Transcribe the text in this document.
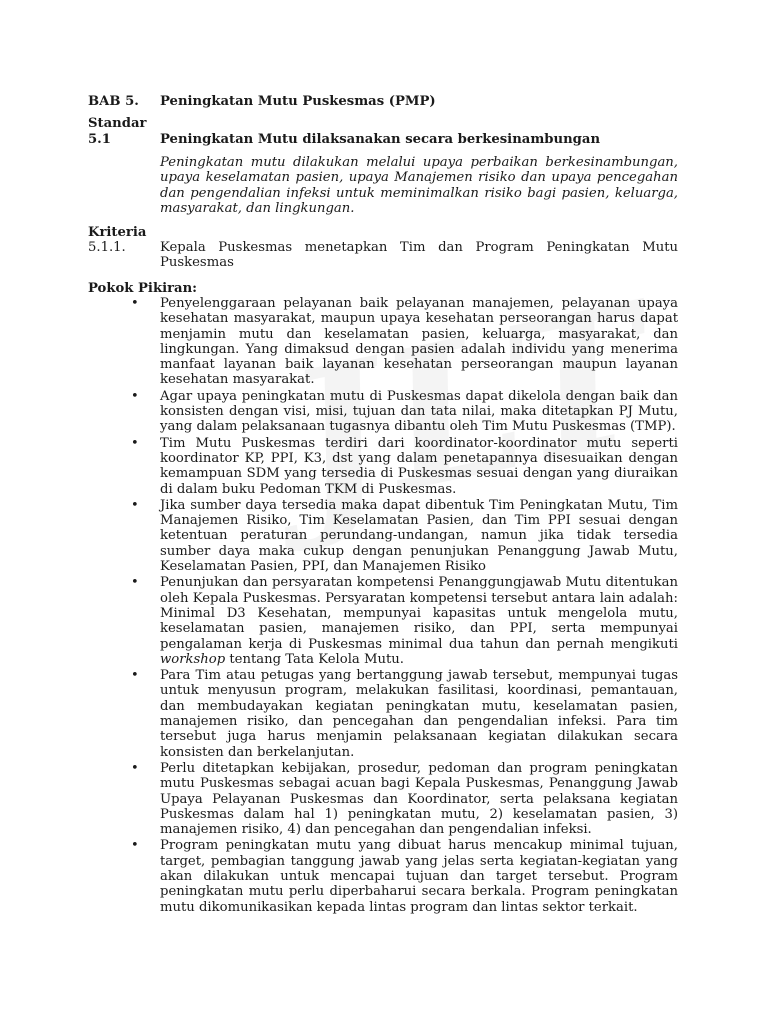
BAB 5. Peningkatan Mutu Puskesmas (PMP)
Standar
5.1	Peningkatan Mutu dilaksanakan secara berkesinambungan
Peningkatan mutu dilakukan melalui upaya perbaikan berkesinambungan, upaya keselamatan pasien, upaya Manajemen risiko dan upaya pencegahan dan pengendalian infeksi untuk meminimalkan risiko bagi pasien, keluarga, masyarakat, dan lingkungan.
Kriteria
5.1.1.	Kepala Puskesmas menetapkan Tim dan Program Peningkatan Mutu Puskesmas
Pokok Pikiran:
• Penyelenggaraan pelayanan baik pelayanan manajemen, pelayanan upaya kesehatan masyarakat, maupun upaya kesehatan perseorangan harus dapat menjamin mutu dan keselamatan pasien, keluarga, masyarakat, dan lingkungan. Yang dimaksud dengan pasien adalah individu yang menerima manfaat layanan baik layanan kesehatan perseorangan maupun layanan kesehatan masyarakat.
• Agar upaya peningkatan mutu di Puskesmas dapat dikelola dengan baik dan konsisten dengan visi, misi, tujuan dan tata nilai, maka ditetapkan PJ Mutu, yang dalam pelaksanaan tugasnya dibantu oleh Tim Mutu Puskesmas (TMP).
• Tim Mutu Puskesmas terdiri dari koordinator-koordinator mutu seperti koordinator KP, PPI, K3, dst yang dalam penetapannya disesuaikan dengan kemampuan SDM yang tersedia di Puskesmas sesuai dengan yang diuraikan di dalam buku Pedoman TKM di Puskesmas.
• Jika sumber daya tersedia maka dapat dibentuk Tim Peningkatan Mutu, Tim Manajemen Risiko, Tim Keselamatan Pasien, dan Tim PPI sesuai dengan ketentuan peraturan perundang-undangan, namun jika tidak tersedia sumber daya maka cukup dengan penunjukan Penanggung Jawab Mutu, Keselamatan Pasien, PPI, dan Manajemen Risiko
• Penunjukan dan persyaratan kompetensi Penanggungjawab Mutu ditentukan oleh Kepala Puskesmas. Persyaratan kompetensi tersebut antara lain adalah: Minimal D3 Kesehatan, mempunyai kapasitas untuk mengelola mutu, keselamatan pasien, manajemen risiko, dan PPI, serta mempunyai pengalaman kerja di Puskesmas minimal dua tahun dan pernah mengikuti workshop tentang Tata Kelola Mutu.
• Para Tim atau petugas yang bertanggung jawab tersebut, mempunyai tugas untuk menyusun program, melakukan fasilitasi, koordinasi, pemantauan, dan membudayakan kegiatan peningkatan mutu, keselamatan pasien, manajemen risiko, dan pencegahan dan pengendalian infeksi. Para tim tersebut juga harus menjamin pelaksanaan kegiatan dilakukan secara konsisten dan berkelanjutan.
• Perlu ditetapkan kebijakan, prosedur, pedoman dan program peningkatan mutu Puskesmas sebagai acuan bagi Kepala Puskesmas, Penanggung Jawab Upaya Pelayanan Puskesmas dan Koordinator, serta pelaksana kegiatan Puskesmas dalam hal 1) peningkatan mutu, 2) keselamatan pasien, 3) manajemen risiko, 4) dan pencegahan dan pengendalian infeksi.
• Program peningkatan mutu yang dibuat harus mencakup minimal tujuan, target, pembagian tanggung jawab yang jelas serta kegiatan-kegiatan yang akan dilakukan untuk mencapai tujuan dan target tersebut. Program peningkatan mutu perlu diperbaharui secara berkala. Program peningkatan mutu dikomunikasikan kepada lintas program dan lintas sektor terkait.
